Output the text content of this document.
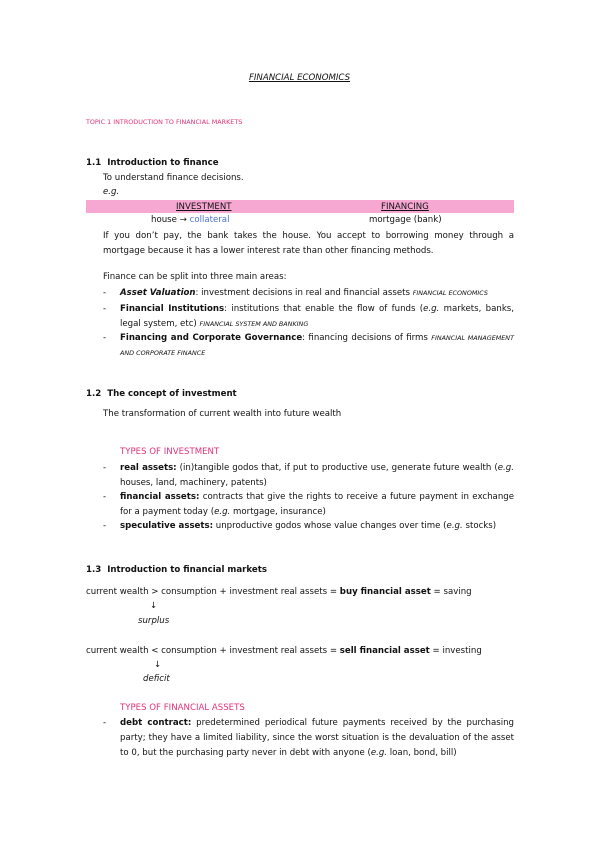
FINANCIAL ECONOMICS
TOPIC 1 INTRODUCTION TO FINANCIAL MARKETS
1.1 Introduction to finance
To understand finance decisions.
e.g.
INVESTMENT	FINANCING
house → collateral	mortgage (bank)
If you don’t pay, the bank takes the house. You accept to borrowing money through a mortgage because it has a lower interest rate than other financing methods.
Finance can be split into three main areas:
- Asset Valuation: investment decisions in real and financial assets FINANCIAL ECONOMICS
- Financial Institutions: institutions that enable the flow of funds (e.g. markets, banks, legal system, etc) FINANCIAL SYSTEM AND BANKING
- Financing and Corporate Governance: financing decisions of firms FINANCIAL MANAGEMENT AND CORPORATE FINANCE
1.2 The concept of investment
The transformation of current wealth into future wealth
TYPES OF INVESTMENT
- real assets: (in)tangible godos that, if put to productive use, generate future wealth (e.g. houses, land, machinery, patents)
- financial assets: contracts that give the rights to receive a future payment in exchange for a payment today (e.g. mortgage, insurance)
- speculative assets: unproductive godos whose value changes over time (e.g. stocks)
1.3 Introduction to financial markets
current wealth > consumption + investment real assets = buy financial asset = saving
↓
surplus
current wealth < consumption + investment real assets = sell financial asset = investing
↓
deficit
TYPES OF FINANCIAL ASSETS
- debt contract: predetermined periodical future payments received by the purchasing party; they have a limited liability, since the worst situation is the devaluation of the asset to 0, but the purchasing party never in debt with anyone (e.g. loan, bond, bill)
